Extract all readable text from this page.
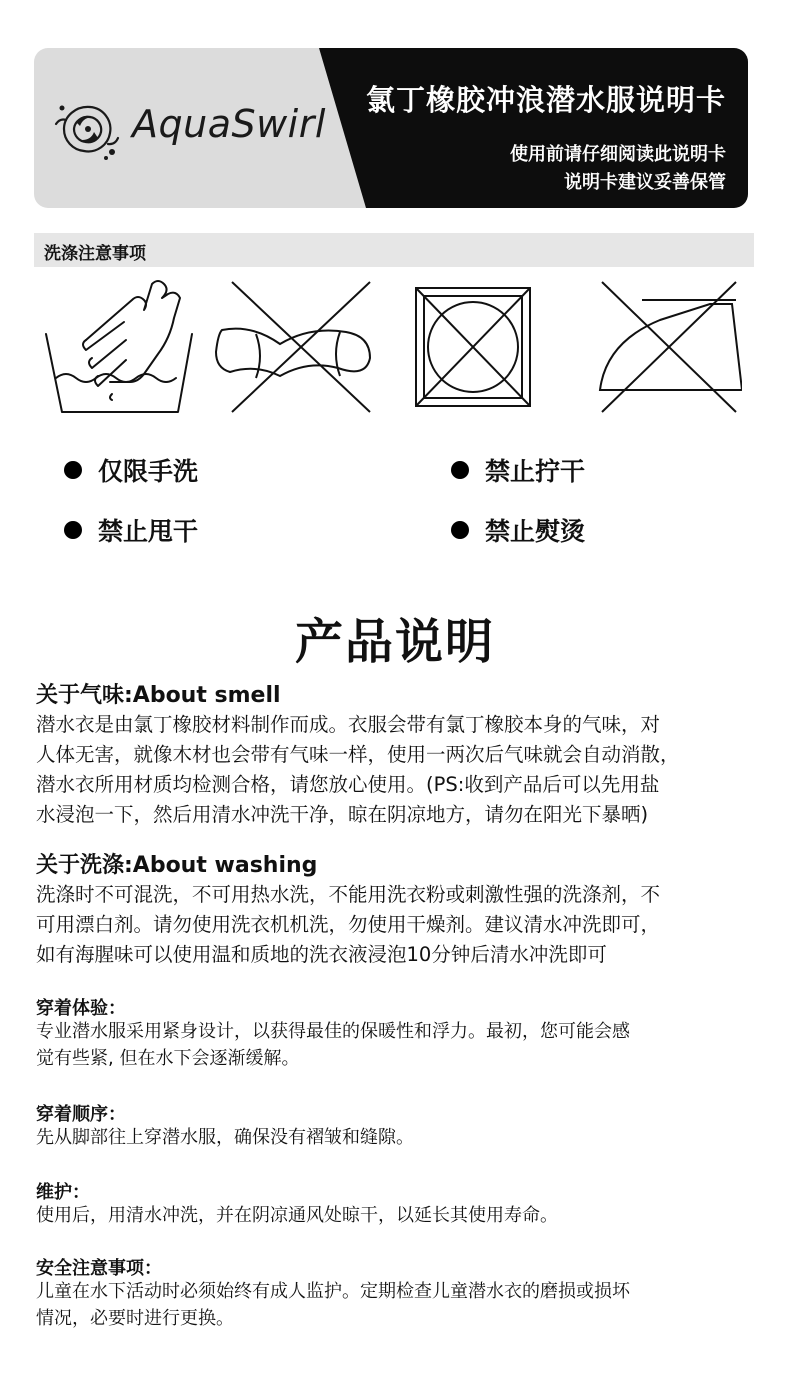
AquaSwirl
氯丁橡胶冲浪潜水服说明卡
使用前请仔细阅读此说明卡
说明卡建议妥善保管
洗涤注意事项
仅限手洗	禁止拧干
禁止甩干	禁止熨烫
产品说明
关于气味:About smell
潜水衣是由氯丁橡胶材料制作而成。衣服会带有氯丁橡胶本身的气味，对
人体无害，就像木材也会带有气味一样，使用一两次后气味就会自动消散，
潜水衣所用材质均检测合格，请您放心使用。(PS:收到产品后可以先用盐
水浸泡一下，然后用清水冲洗干净，晾在阴凉地方，请勿在阳光下暴晒)
关于洗涤:About washing
洗涤时不可混洗，不可用热水洗，不能用洗衣粉或刺激性强的洗涤剂，不
可用漂白剂。请勿使用洗衣机机洗，勿使用干燥剂。建议清水冲洗即可，
如有海腥味可以使用温和质地的洗衣液浸泡10分钟后清水冲洗即可
穿着体验：
专业潜水服采用紧身设计，以获得最佳的保暖性和浮力。最初，您可能会感
觉有些紧, 但在水下会逐渐缓解。
穿着顺序：
先从脚部往上穿潜水服，确保没有褶皱和缝隙。
维护：
使用后，用清水冲洗，并在阴凉通风处晾干，以延长其使用寿命。
安全注意事项：
儿童在水下活动时必须始终有成人监护。定期检查儿童潜水衣的磨损或损坏
情况，必要时进行更换。
